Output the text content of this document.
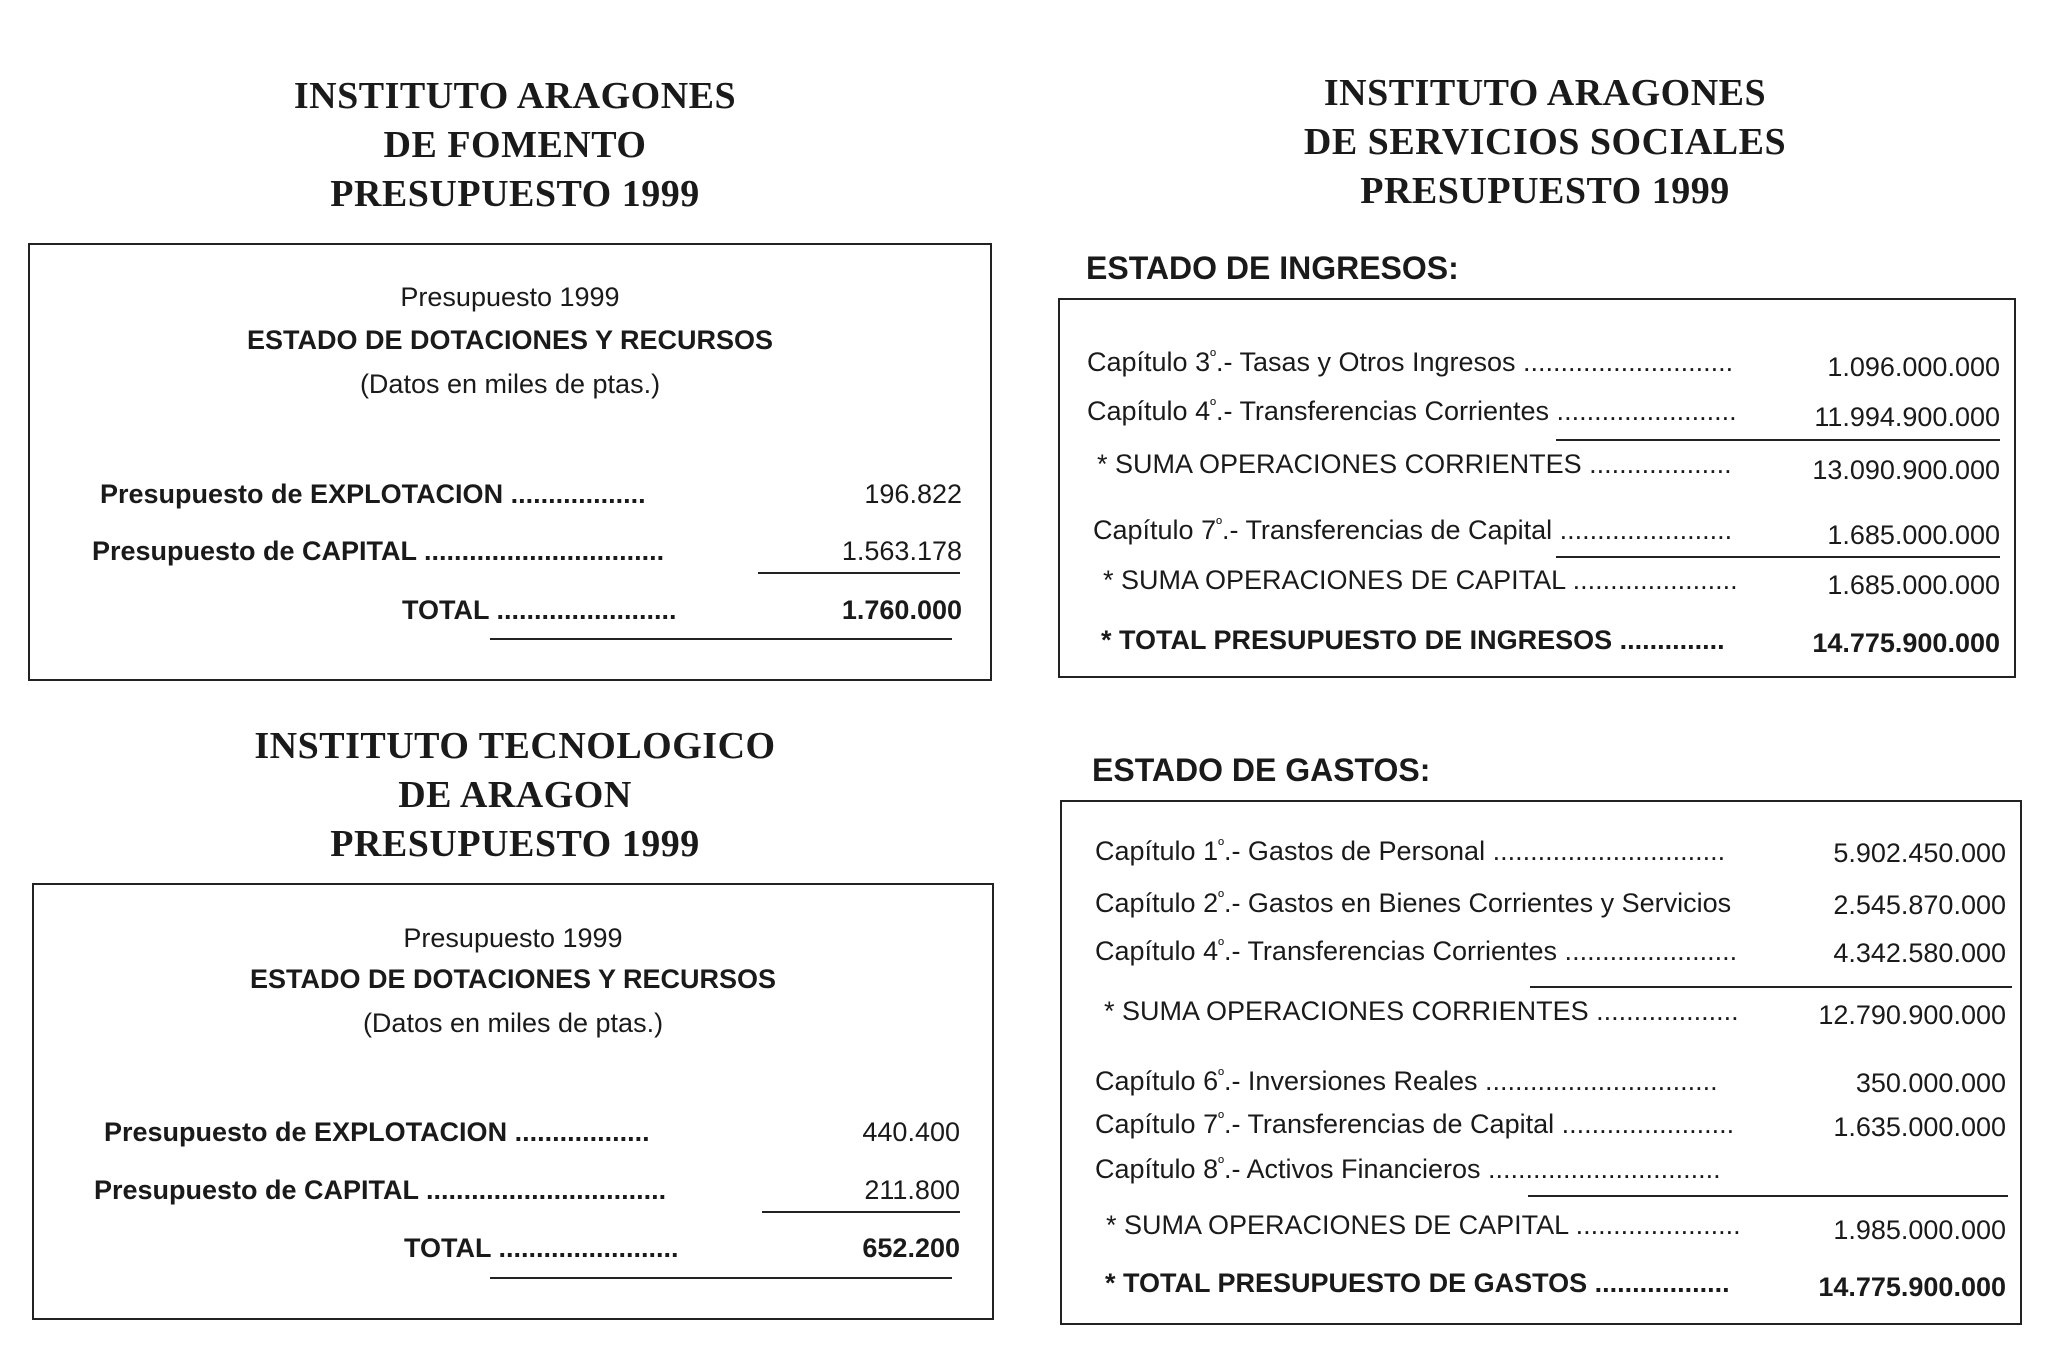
INSTITUTO ARAGONES
DE FOMENTO
PRESUPUESTO 1999
Presupuesto 1999
ESTADO DE DOTACIONES Y RECURSOS
(Datos en miles de ptas.)
Presupuesto de EXPLOTACION ..................	196.822
Presupuesto de CAPITAL ................................	1.563.178
TOTAL ........................	1.760.000
INSTITUTO TECNOLOGICO
DE ARAGON
PRESUPUESTO 1999
Presupuesto 1999
ESTADO DE DOTACIONES Y RECURSOS
(Datos en miles de ptas.)
Presupuesto de EXPLOTACION ..................	440.400
Presupuesto de CAPITAL ................................	211.800
TOTAL ........................	652.200
INSTITUTO ARAGONES
DE SERVICIOS SOCIALES
PRESUPUESTO 1999
ESTADO DE INGRESOS:
Capítulo $3^º.-$ Tasas y Otros Ingresos ............................	1.096.000.000
Capítulo $4^º.-$ Transferencias Corrientes ........................	11.994.900.000
* SUMA OPERACIONES CORRIENTES ...................	13.090.900.000
Capítulo $7^º.-$ Transferencias de Capital .......................	1.685.000.000
* SUMA OPERACIONES DE CAPITAL ......................	1.685.000.000
* TOTAL PRESUPUESTO DE INGRESOS ..............	14.775.900.000
ESTADO DE GASTOS:
Capítulo $1^º.-$ Gastos de Personal ...............................	5.902.450.000
Capítulo $2^º.-$ Gastos en Bienes Corrientes y Servicios	2.545.870.000
Capítulo $4^º.-$ Transferencias Corrientes .......................	4.342.580.000
* SUMA OPERACIONES CORRIENTES ...................	12.790.900.000
Capítulo $6^º.-$ Inversiones Reales ...............................	350.000.000
Capítulo $7^º.-$ Transferencias de Capital .......................	1.635.000.000
Capítulo $8^º.-$ Activos Financieros ...............................
* SUMA OPERACIONES DE CAPITAL ......................	1.985.000.000
* TOTAL PRESUPUESTO DE GASTOS ..................	14.775.900.000
